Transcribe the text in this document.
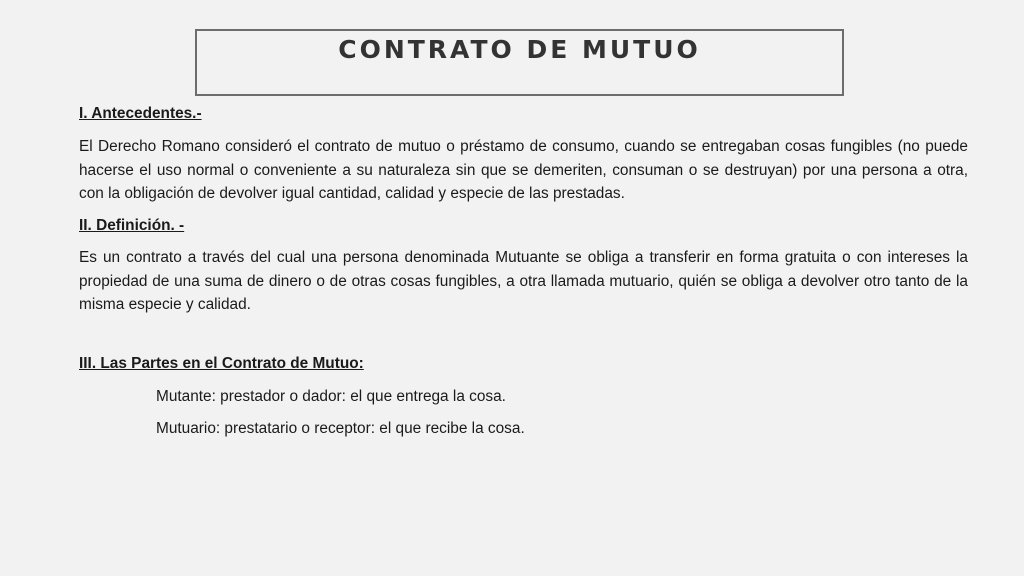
CONTRATO DE MUTUO

I. Antecedentes.-

El Derecho Romano consideró el contrato de mutuo o préstamo de consumo, cuando se entregaban cosas fungibles (no puede hacerse el uso normal o conveniente a su naturaleza sin que se demeriten, consuman o se destruyan) por una persona a otra, con la obligación de devolver igual cantidad, calidad y especie de las prestadas.

II. Definición. -

Es un contrato a través del cual una persona denominada Mutuante se obliga a transferir en forma gratuita o con intereses la propiedad de una suma de dinero o de otras cosas fungibles, a otra llamada mutuario, quién se obliga a devolver otro tanto de la misma especie y calidad.

III. Las Partes en el Contrato de Mutuo:

Mutante: prestador o dador: el que entrega la cosa.

Mutuario: prestatario o receptor: el que recibe la cosa.
